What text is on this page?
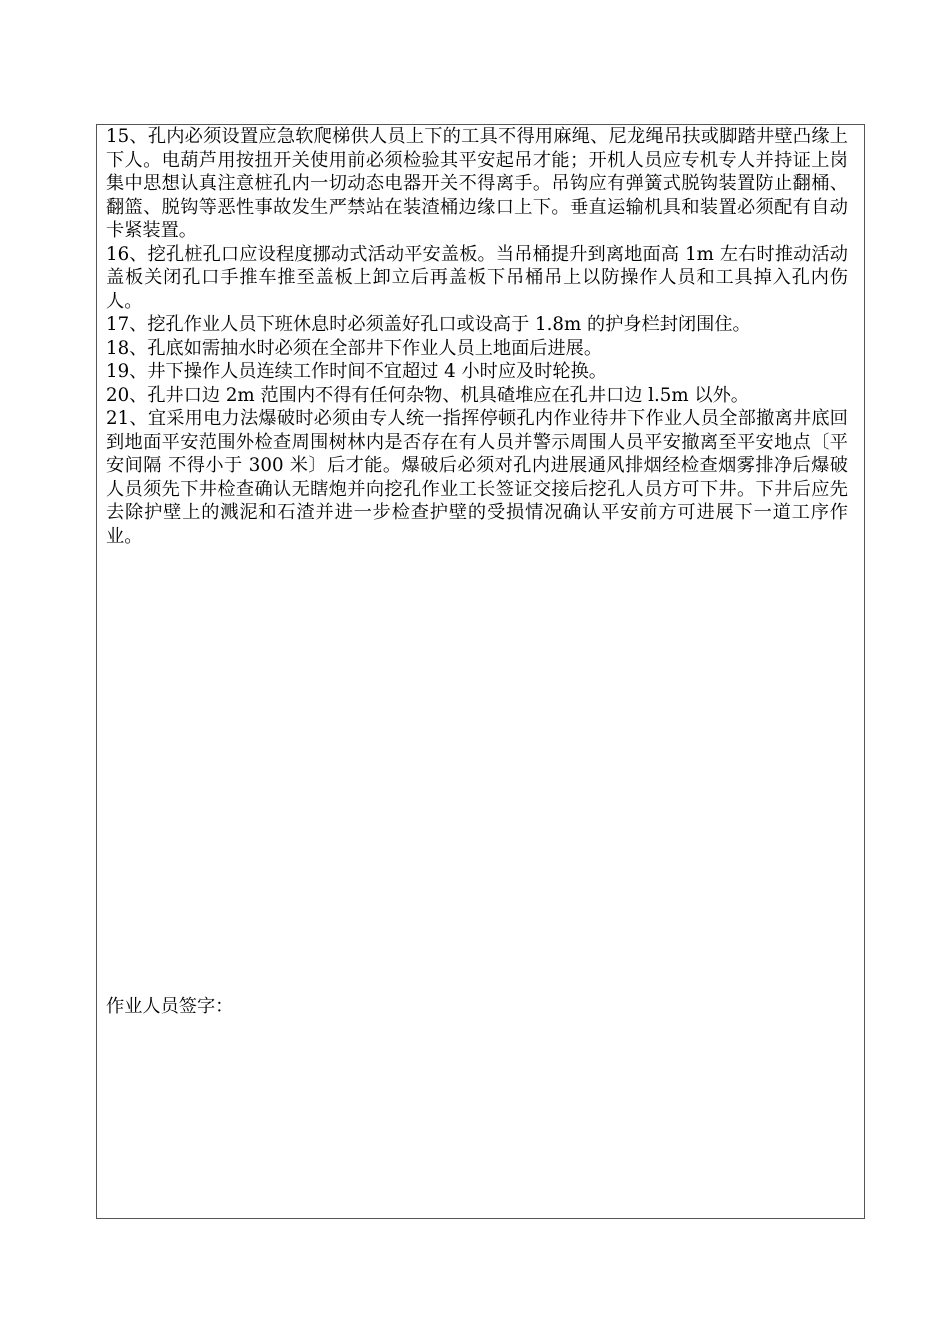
15、孔内必须设置应急软爬梯供人员上下的工具不得用麻绳、尼龙绳吊扶或脚踏井壁凸缘上下人。电葫芦用按扭开关使用前必须检验其平安起吊才能；开机人员应专机专人并持证上岗集中思想认真注意桩孔内一切动态电器开关不得离手。吊钩应有弹簧式脱钩装置防止翻桶、翻篮、脱钩等恶性事故发生严禁站在装渣桶边缘口上下。垂直运输机具和装置必须配有自动卡紧装置。

16、挖孔桩孔口应设程度挪动式活动平安盖板。当吊桶提升到离地面高 1m 左右时推动活动盖板关闭孔口手推车推至盖板上卸立后再盖板下吊桶吊上以防操作人员和工具掉入孔内伤人。

17、挖孔作业人员下班休息时必须盖好孔口或设高于 1.8m 的护身栏封闭围住。

18、孔底如需抽水时必须在全部井下作业人员上地面后进展。

19、井下操作人员连续工作时间不宜超过 4 小时应及时轮换。

20、孔井口边 2m 范围内不得有任何杂物、机具碴堆应在孔井口边 l.5m 以外。

21、宜采用电力法爆破时必须由专人统一指挥停顿孔内作业待井下作业人员全部撤离井底回到地面平安范围外检查周围树林内是否存在有人员并警示周围人员平安撤离至平安地点〔平安间隔 不得小于 300 米〕后才能。爆破后必须对孔内进展通风排烟经检查烟雾排净后爆破人员须先下井检查确认无瞎炮并向挖孔作业工长签证交接后挖孔人员方可下井。下井后应先去除护壁上的溅泥和石渣并进一步检查护壁的受损情况确认平安前方可进展下一道工序作业。

作业人员签字：
